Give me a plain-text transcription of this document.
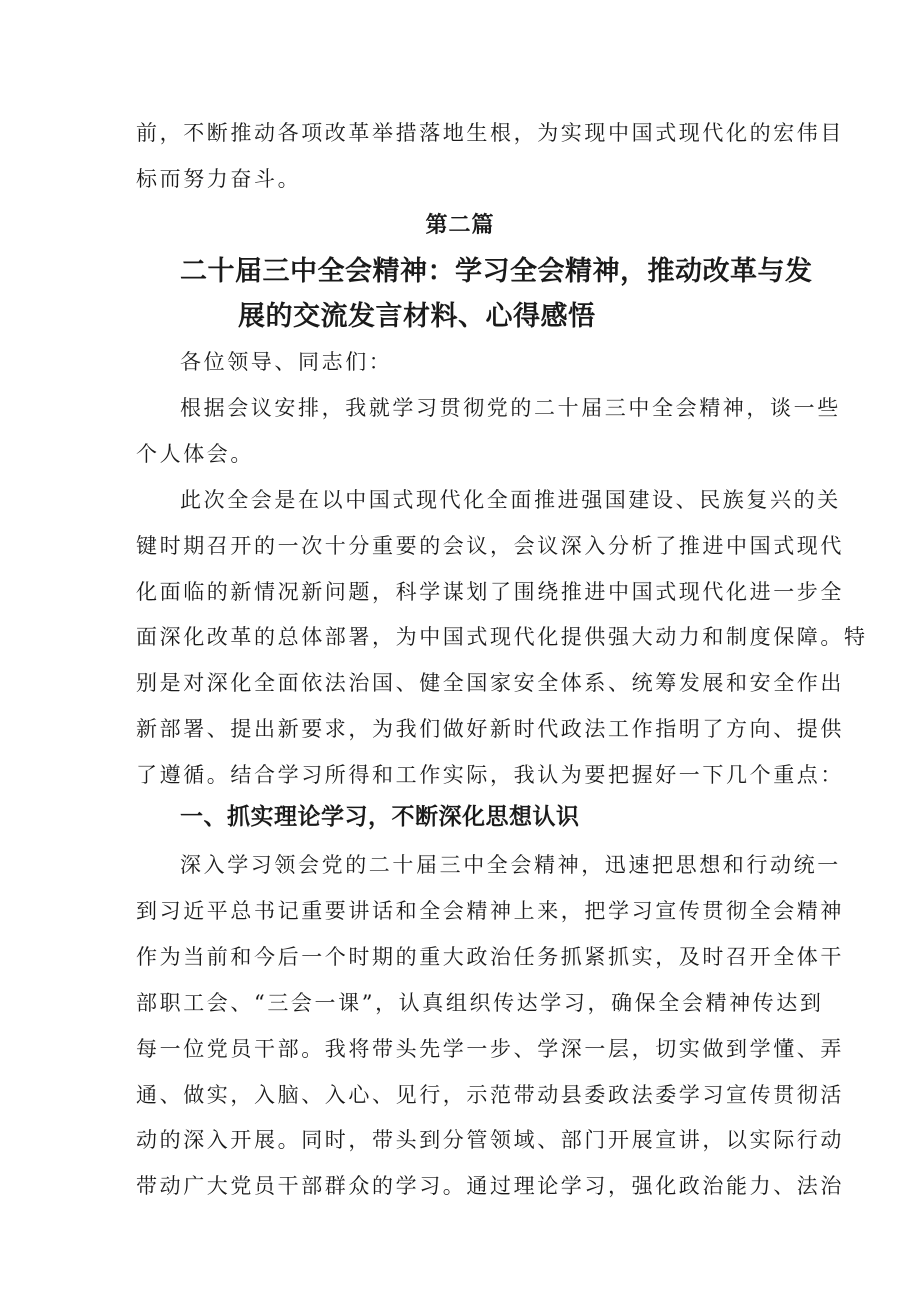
前，不断推动各项改革举措落地生根，为实现中国式现代化的宏伟目
标而努力奋斗。
第二篇
二十届三中全会精神：学习全会精神，推动改革与发
展的交流发言材料、心得感悟
各位领导、同志们：
根据会议安排，我就学习贯彻党的二十届三中全会精神，谈一些
个人体会。
此次全会是在以中国式现代化全面推进强国建设、民族复兴的关
键时期召开的一次十分重要的会议，会议深入分析了推进中国式现代
化面临的新情况新问题，科学谋划了围绕推进中国式现代化进一步全
面深化改革的总体部署，为中国式现代化提供强大动力和制度保障。特
别是对深化全面依法治国、健全国家安全体系、统筹发展和安全作出
新部署、提出新要求，为我们做好新时代政法工作指明了方向、提供
了遵循。结合学习所得和工作实际，我认为要把握好一下几个重点：
一、抓实理论学习，不断深化思想认识
深入学习领会党的二十届三中全会精神，迅速把思想和行动统一
到习近平总书记重要讲话和全会精神上来，把学习宣传贯彻全会精神
作为当前和今后一个时期的重大政治任务抓紧抓实，及时召开全体干
部职工会、“三会一课”，认真组织传达学习，确保全会精神传达到
每一位党员干部。我将带头先学一步、学深一层，切实做到学懂、弄
通、做实，入脑、入心、见行，示范带动县委政法委学习宣传贯彻活
动的深入开展。同时，带头到分管领域、部门开展宣讲，以实际行动
带动广大党员干部群众的学习。通过理论学习，强化政治能力、法治
